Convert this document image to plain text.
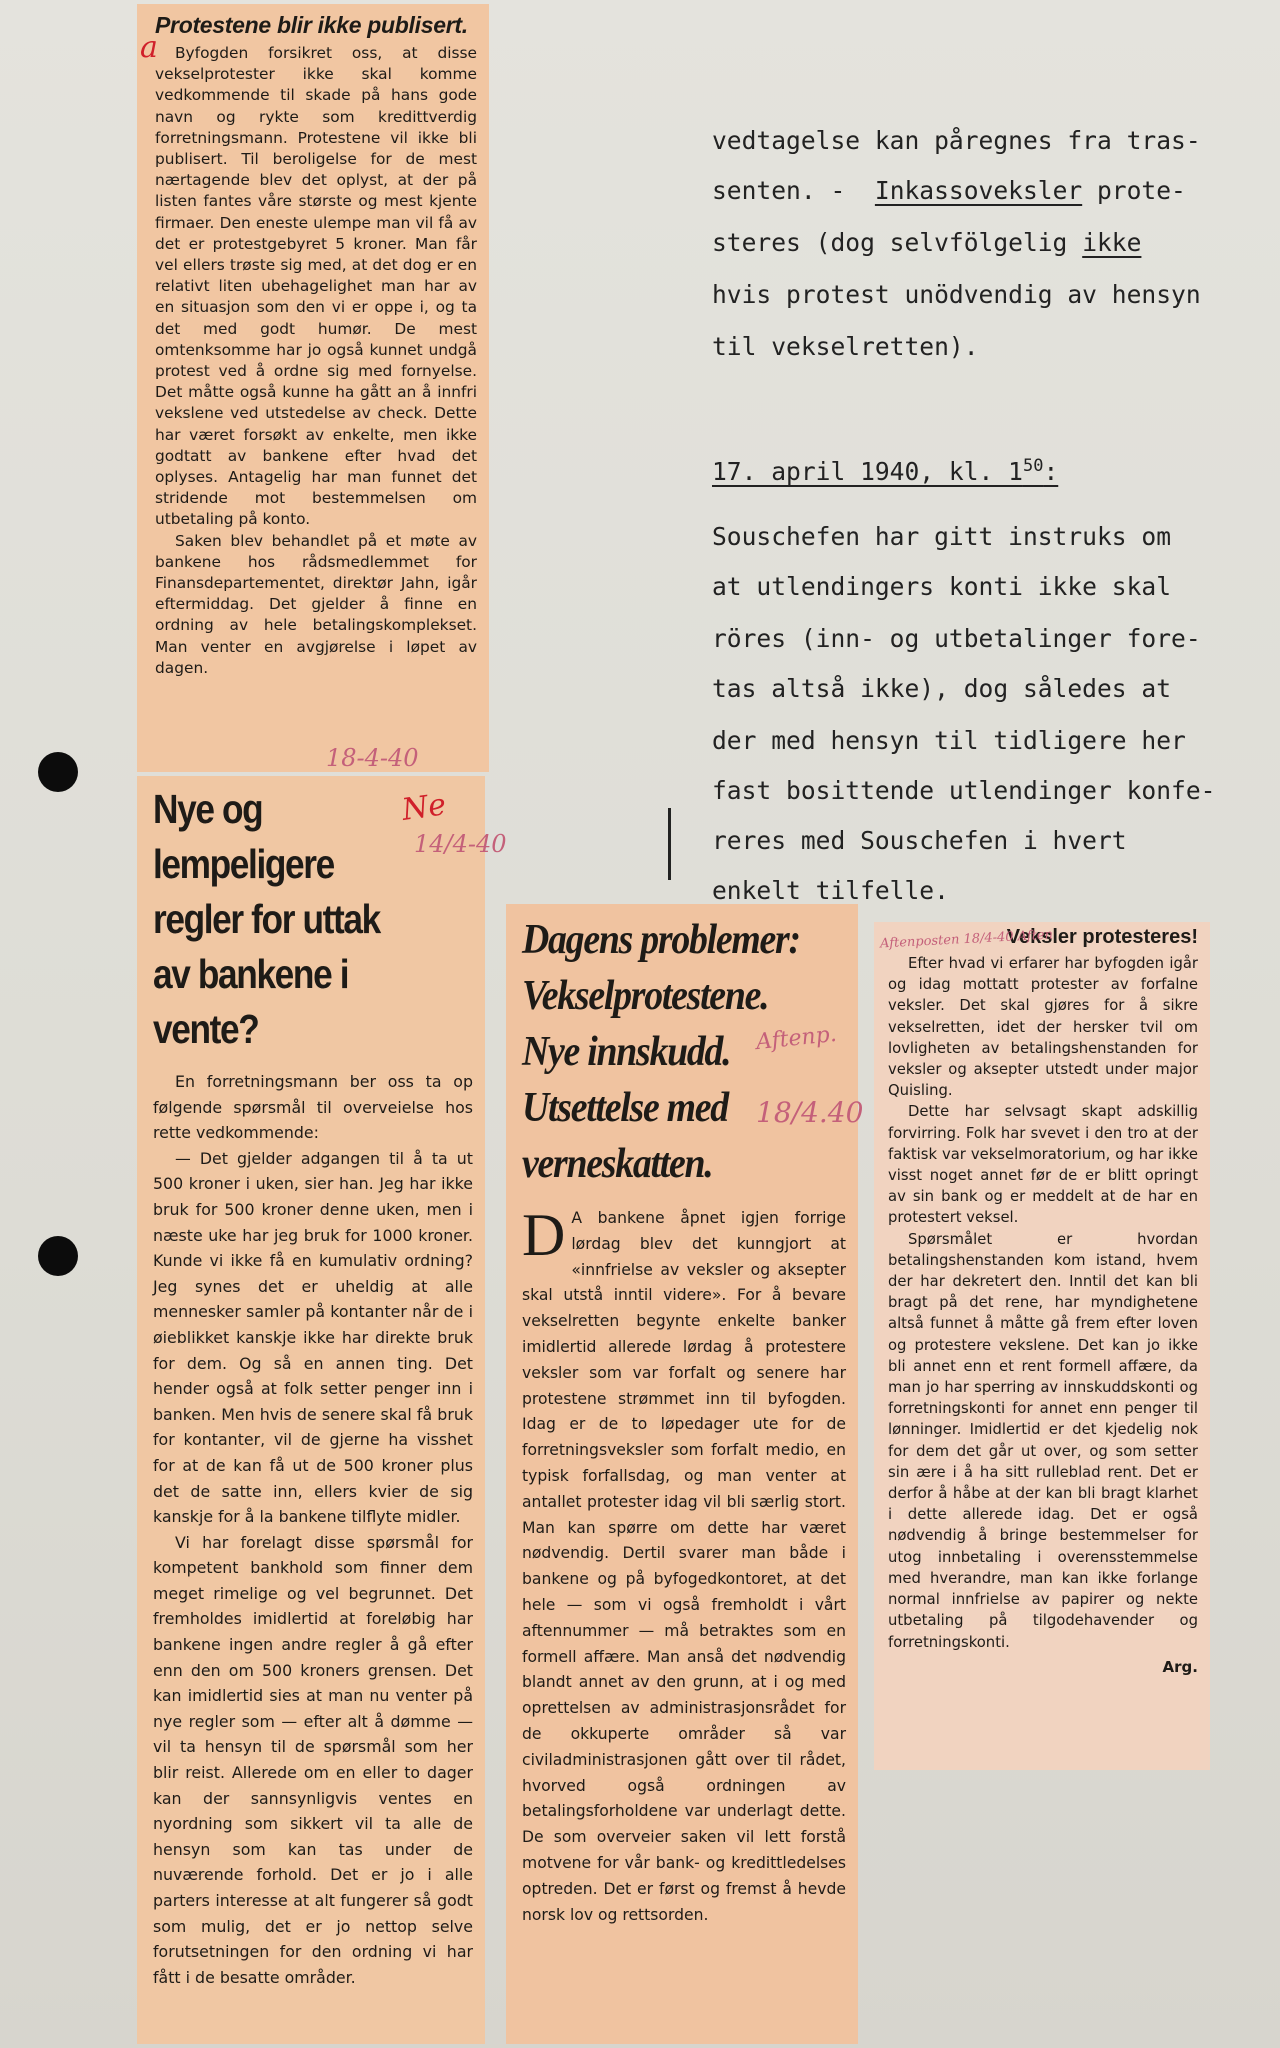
Protestene blir ikke publisert.

Byfogden forsikret oss, at disse vekselprotester ikke skal komme vedkommende til skade på hans gode navn og rykte som kredittverdig forretningsmann. Protestene vil ikke bli publisert. Til beroligelse for de mest nærtagende blev det oplyst, at der på listen fantes våre største og mest kjente firmaer. Den eneste ulempe man vil få av det er protestgebyret 5 kroner. Man får vel ellers trøste sig med, at det dog er en relativt liten ubehagelighet man har av en situasjon som den vi er oppe i, og ta det med godt humør. De mest omtenksomme har jo også kunnet undgå protest ved å ordne sig med fornyelse. Det måtte også kunne ha gått an å innfri vekslene ved utstedelse av check. Dette har været forsøkt av enkelte, men ikke godtatt av bankene efter hvad det oplyses. Antagelig har man funnet det stridende mot bestemmelsen om utbetaling på konto.

Saken blev behandlet på et møte av bankene hos rådsmedlemmet for Finansdepartementet, direktør Jahn, igår eftermiddag. Det gjelder å finne en ordning av hele betalingskomplekset. Man venter en avgjørelse i løpet av dagen.

a
18-4-40
Nye og lempeligere regler for uttak av bankene i vente?

En forretningsmann ber oss ta op følgende spørsmål til overveielse hos rette vedkommende:

— Det gjelder adgangen til å ta ut 500 kroner i uken, sier han. Jeg har ikke bruk for 500 kroner denne uken, men i næste uke har jeg bruk for 1000 kroner. Kunde vi ikke få en kumulativ ordning? Jeg synes det er uheldig at alle mennesker samler på kontanter når de i øieblikket kanskje ikke har direkte bruk for dem. Og så en annen ting. Det hender også at folk setter penger inn i banken. Men hvis de senere skal få bruk for kontanter, vil de gjerne ha visshet for at de kan få ut de 500 kroner plus det de satte inn, ellers kvier de sig kanskje for å la bankene tilflyte midler.

Vi har forelagt disse spørsmål for kompetent bankhold som finner dem meget rimelige og vel begrunnet. Det fremholdes imidlertid at foreløbig har bankene ingen andre regler å gå efter enn den om 500 kroners grensen. Det kan imidlertid sies at man nu venter på nye regler som — efter alt å dømme — vil ta hensyn til de spørsmål som her blir reist. Allerede om en eller to dager kan der sannsynligvis ventes en nyordning som sikkert vil ta alle de hensyn som kan tas under de nuværende forhold. Det er jo i alle parters interesse at alt fungerer så godt som mulig, det er jo nettop selve forutsetningen for den ordning vi har fått i de besatte områder.

Ne
14/4-40
Dagens problemer: Vekselprotestene. Nye innskudd. Utsettelse med verneskatten.
D A bankene åpnet igjen forrige lørdag blev det kunngjort at «innfrielse av veksler og aksepter skal utstå inntil videre». For å bevare vekselretten begynte enkelte banker imidlertid allerede lørdag å protestere veksler som var forfalt og senere har protestene strømmet inn til byfogden. Idag er de to løpedager ute for de forretningsveksler som forfalt medio, en typisk forfallsdag, og man venter at antallet protester idag vil bli særlig stort. Man kan spørre om dette har været nødvendig. Dertil svarer man både i bankene og på byfogedkontoret, at det hele — som vi også fremholdt i vårt aftennummer — må betraktes som en formell affære. Man anså det nødvendig blandt annet av den grunn, at i og med oprettelsen av administrasjonsrådet for de okkuperte områder så var civiladministrasjonen gått over til rådet, hvorved også ordningen av betalingsforholdene var underlagt dette. De som overveier saken vil lett forstå motvene for vår bank- og kredittledelses optreden. Det er først og fremst å hevde norsk lov og rettsorden.
Aftenp.
18/4.40
Veksler protesteres!

Efter hvad vi erfarer har byfogden igår og idag mottatt protester av forfalne veksler. Det skal gjøres for å sikre vekselretten, idet der hersker tvil om lovligheten av betalingshenstanden for veksler og aksepter utstedt under major Quisling.

Dette har selvsagt skapt adskillig forvirring. Folk har svevet i den tro at der faktisk var vekselmoratorium, og har ikke visst noget annet før de er blitt opringt av sin bank og er meddelt at de har en protestert veksel.

Spørsmålet er hvordan betalingshenstanden kom istand, hvem der har dekretert den. Inntil det kan bli bragt på det rene, har myndighetene altså funnet å måtte gå frem efter loven og protestere vekslene. Det kan jo ikke bli annet enn et rent formell affære, da man jo har sperring av innskuddskonti og forretningskonti for annet enn penger til lønninger. Imidlertid er det kjedelig nok for dem det går ut over, og som setter sin ære i å ha sitt rulleblad rent. Det er derfor å håbe at der kan bli bragt klarhet i dette allerede idag. Det er også nødvendig å bringe bestemmelser for utog innbetaling i overensstemmelse med hverandre, man kan ikke forlange normal innfrielse av papirer og nekte utbetaling på tilgodehavender og forretningskonti.

Arg.

Aftenposten 18/4-40 Aften
vedtagelse kan påregnes fra tras-
senten. - Inkassoveksler prote-
steres (dog selvfölgelig ikke
hvis protest unödvendig av hensyn
til vekselretten).
17. april 1940, kl. $1^{50}$:
Souschefen har gitt instruks om
at utlendingers konti ikke skal
röres (inn- og utbetalinger fore-
tas altså ikke), dog således at
der med hensyn til tidligere her
fast bosittende utlendinger konfe-
reres med Souschefen i hvert
enkelt tilfelle.
